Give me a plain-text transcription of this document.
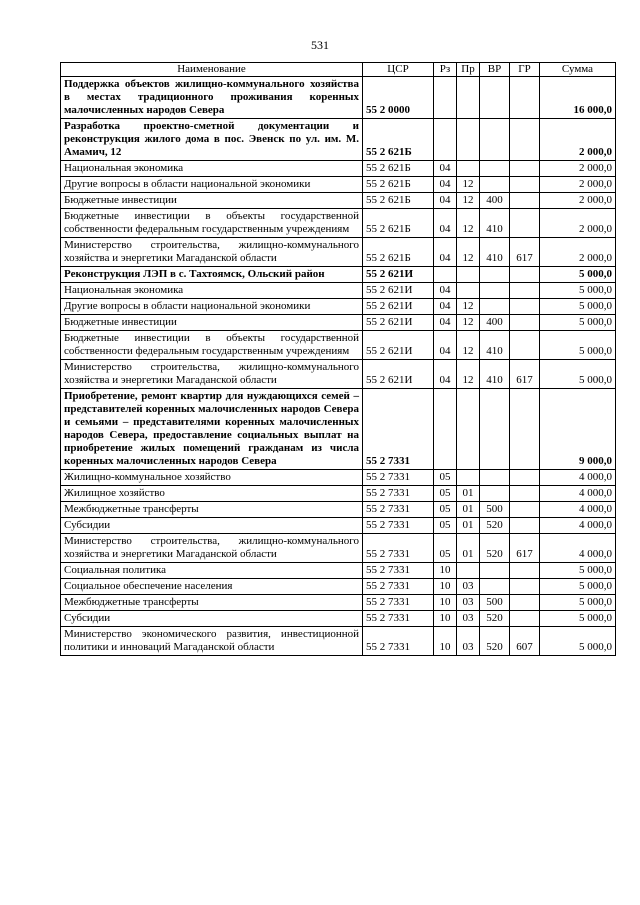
531
Наименование	ЦСР	Рз	Пр	ВР	ГР	Сумма
Поддержка объектов жилищно-коммунального хозяйства в местах традиционного проживания коренных малочисленных народов Севера	55 2 0000					16 000,0
Разработка проектно-сметной документации и реконструкция жилого дома в пос. Эвенск по ул. им. М. Амамич, 12	55 2 621Б					2 000,0
Национальная экономика	55 2 621Б	04				2 000,0
Другие вопросы в области национальной экономики	55 2 621Б	04	12			2 000,0
Бюджетные инвестиции	55 2 621Б	04	12	400		2 000,0
Бюджетные инвестиции в объекты государственной собственности федеральным государственным учреждениям	55 2 621Б	04	12	410		2 000,0
Министерство строительства, жилищно-коммунального хозяйства и энергетики Магаданской области	55 2 621Б	04	12	410	617	2 000,0
Реконструкция ЛЭП в с. Тахтоямск, Ольский район	55 2 621И					5 000,0
Национальная экономика	55 2 621И	04				5 000,0
Другие вопросы в области национальной экономики	55 2 621И	04	12			5 000,0
Бюджетные инвестиции	55 2 621И	04	12	400		5 000,0
Бюджетные инвестиции в объекты государственной собственности федеральным государственным учреждениям	55 2 621И	04	12	410		5 000,0
Министерство строительства, жилищно-коммунального хозяйства и энергетики Магаданской области	55 2 621И	04	12	410	617	5 000,0
Приобретение, ремонт квартир для нуждающихся семей – представителей коренных малочисленных народов Севера и семьями – представителями коренных малочисленных народов Севера, предоставление социальных выплат на приобретение жилых помещений гражданам из числа коренных малочисленных народов Севера	55 2 7331					9 000,0
Жилищно-коммунальное хозяйство	55 2 7331	05				4 000,0
Жилищное хозяйство	55 2 7331	05	01			4 000,0
Межбюджетные трансферты	55 2 7331	05	01	500		4 000,0
Субсидии	55 2 7331	05	01	520		4 000,0
Министерство строительства, жилищно-коммунального хозяйства и энергетики Магаданской области	55 2 7331	05	01	520	617	4 000,0
Социальная политика	55 2 7331	10				5 000,0
Социальное обеспечение населения	55 2 7331	10	03			5 000,0
Межбюджетные трансферты	55 2 7331	10	03	500		5 000,0
Субсидии	55 2 7331	10	03	520		5 000,0
Министерство экономического развития, инвестиционной политики и инноваций Магаданской области	55 2 7331	10	03	520	607	5 000,0
